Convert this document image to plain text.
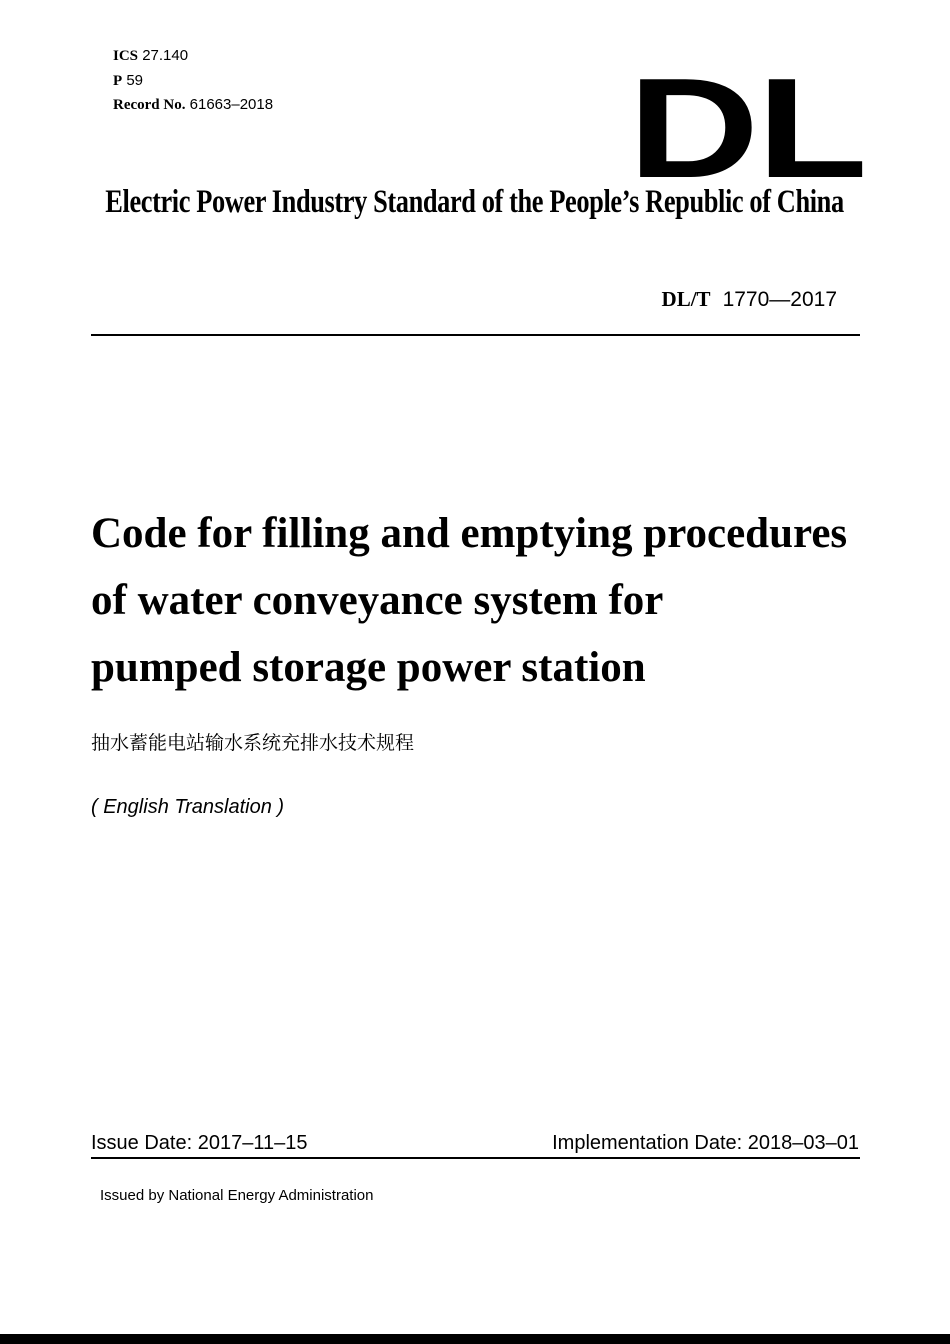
ICS 27.140
P 59
Record No. 61663–2018 DL
Electric Power Industry Standard of the People’s Republic of China
DL/T 1770—2017
Code for filling and emptying procedures
of water conveyance system for
pumped storage power station
抽水蓄能电站输水系统充排水技术规程
( English Translation )
Issue Date: 2017–11–15	Implementation Date: 2018–03–01
Issued by National Energy Administration
